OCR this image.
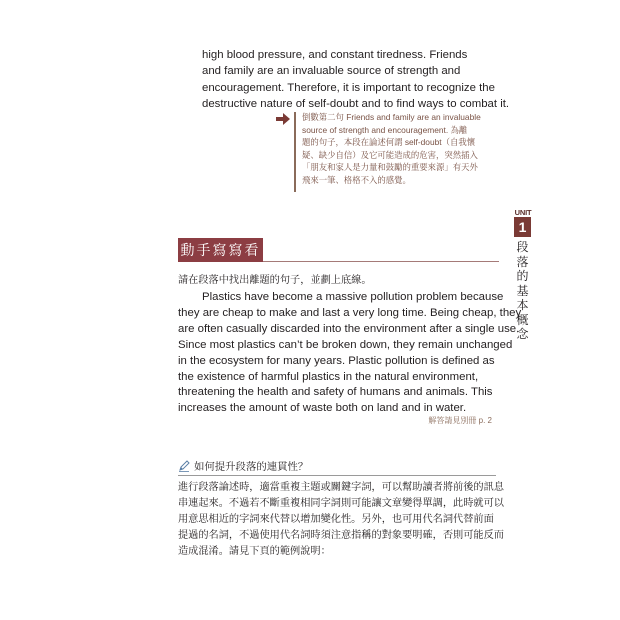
high blood pressure, and constant tiredness. Friends

and family are an invaluable source of strength and

encouragement. Therefore, it is important to recognize the

destructive nature of self-doubt and to find ways to combat it.

倒數第二句 Friends and family are an invaluable

source of strength and encouragement. 為離

題的句子，本段在論述何謂 self-doubt（自我懷

疑、缺少自信）及它可能造成的危害，突然插入

「朋友和家人是力量和鼓勵的重要來源」有天外

飛來一筆、格格不入的感覺。

UNIT
1
段
落
的
基
本
概
念
動手寫寫看
請在段落中找出離題的句子，並劃上底線。

Plastics have become a massive pollution problem because

they are cheap to make and last a very long time. Being cheap, they

are often casually discarded into the environment after a single use.

Since most plastics can’t be broken down, they remain unchanged

in the ecosystem for many years. Plastic pollution is defined as

the existence of harmful plastics in the natural environment,

threatening the health and safety of humans and animals. This

increases the amount of waste both on land and in water.

解答請見別冊 p. 2
如何提升段落的連貫性？

進行段落論述時，適當重複主題或關鍵字詞，可以幫助讀者將前後的訊息

串連起來。不過若不斷重複相同字詞則可能讓文章變得單調，此時就可以

用意思相近的字詞來代替以增加變化性。另外，也可用代名詞代替前面

提過的名詞，不過使用代名詞時須注意指稱的對象要明確，否則可能反而

造成混淆。請見下頁的範例說明：
